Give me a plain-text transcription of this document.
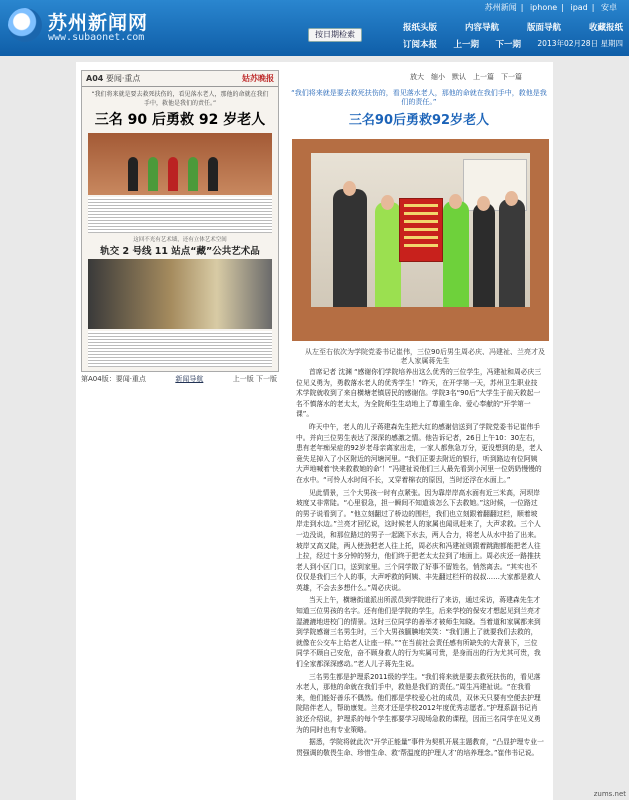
苏州新闻网
www.subaonet.com
苏州新闻 | iphone | ipad | 安卓
按日期检索
报纸头版	内容导航	版面导航	收藏报纸
订阅本报 上一期 下一期 2013年02月28日 星期四
A04 要闻·重点	姑苏晚报
“我们将来就是要去救死扶伤的，看见落水老人，那他的命就在我们手中，救他是我们的责任。”
三名 90 后勇救 92 岁老人
这回不光有艺术墙，还有立体艺术空间
轨交 2 号线 11 站点“藏”公共艺术品
第A04版：要闻·重点	新闻导航	上一版 下一版
放大 缩小 默认 上一篇 下一篇
“我们将来就是要去救死扶伤的，看见落水老人，那他的命就在我们手中，救他是我们的责任。”
三名90后勇救92岁老人
从左至右依次为学院党委书记崔伟，三位90后男生周必庆、冯建祉、兰亮才及老人家属蒋先生

首席记者 沈渊 “感谢你们学院培养出这么优秀的三位学生，冯建祉和周必庆三位见义勇为，勇救落水老人的优秀学生！”昨天，在开学第一天，苏州卫生职业技术学院就收到了来自横塘老镇居民的感谢信。学院3名“90后”大学生于前天救起一名不慎落水的老太太，为全院师生生动地上了尊重生命、爱心奉献的“开学第一课”。

昨天中午，老人的儿子蒋建森先生把大红的感谢信送到了学院党委书记崔伟手中。并向三位男生表达了深深的感激之情。他告诉记者，26日上午10：30左右，患有老年痴呆症的92岁老母亲离家出走，一家人都焦急万分，更没想到的是，老人竟失足掉入了小区附近的河塘河里。“我们正要去附近的银行，听到路边有位阿姨大声地喊着‘快来救救她的命’！”冯建祉说他们三人最先看到小河里一位奶奶慢慢的在水中。“可怜人水时间不长，又穿着棉衣的原因，当时还浮在水面上。”

见此情景，三个大男孩一时有点紧张。因为靠岸岸高水面有近三米高，河坝岸坡度又非常陡。“心里很急，担一瞬间不知道该怎么下去救她。”这时候，一位路过的男子说看到了。“他立刻翻过了桥边的围栏，我们也立刻跟着翻翻过栏，顺着坡岸走到水边。”兰亮才回忆说，这时候老人的家属也闻讯赶来了，大声求救。三个人一边没说，和那位路过的男子一起跳下水去，两人合力，将老人从水中抬了出来。坡岸又高又陡，两人使劲把老人往上托，周必庆和冯建祉则跟着跳跑都能把老人往上拉，经过十多分钟的努力，他们终于把老太太拉到了地面上。周必庆还一路推扶老人到小区门口，送到家里。三个同学散了好事不留姓名，悄然离去。“其实也不仅仅是我们三个人的事，大声呼救的阿姨、丰先翻过栏杆的叔叔……大家都是救人英雄，不会去多想什么。”周必庆说。

当天上午，横塘街道派出所派员到学院进行了来访，通过采访，蒋建森先生才知道三位男孩的名字。还有他们是学院的学生，后来学校的保安才想起见到兰亮才湿漉漉地进校门的情景。这时三位同学的善举才被师生知晓。当着道和家属都来到到学院感谢三名男生时，三个大男孩腼腆地笑笑：“我们遇上了就要我们去救的，就像在公交车上给老人让座一样。”“在当前社会责任感有所缺失的大背景下，三位同学不顾自己安危，奋不顾身救人的行为实属可贵，是身而出的行为尤其可贵，我们全家都深深感动。”老人儿子蒋先生说。

三名男生都是护理系2011级的学生。“我们将来就是要去救死扶伤的，看见落水老人，那他的命就在我们手中，救他是我们的责任。”周生冯建祉说。“在我看来，他们能好善乐不偶然。他们都是学校爱心社的成员，双休天只要有空便去护理院陪伴老人，帮助康复。兰亮才还是学校2012年度优秀志愿者。”护理系副书记肖波还介绍说，护理系的每个学生都要学习现场急救的课程，因而三名同学在见义勇为的同时也有专业策略。

据悉，学院将就此次“开学正能量”事件为契机开展主题教育，“凸显护理专业一贯强调的敬畏生命、珍惜生命、救‘帮温度的护理人才’的培养理念。”崔伟书记说。

zums.net
